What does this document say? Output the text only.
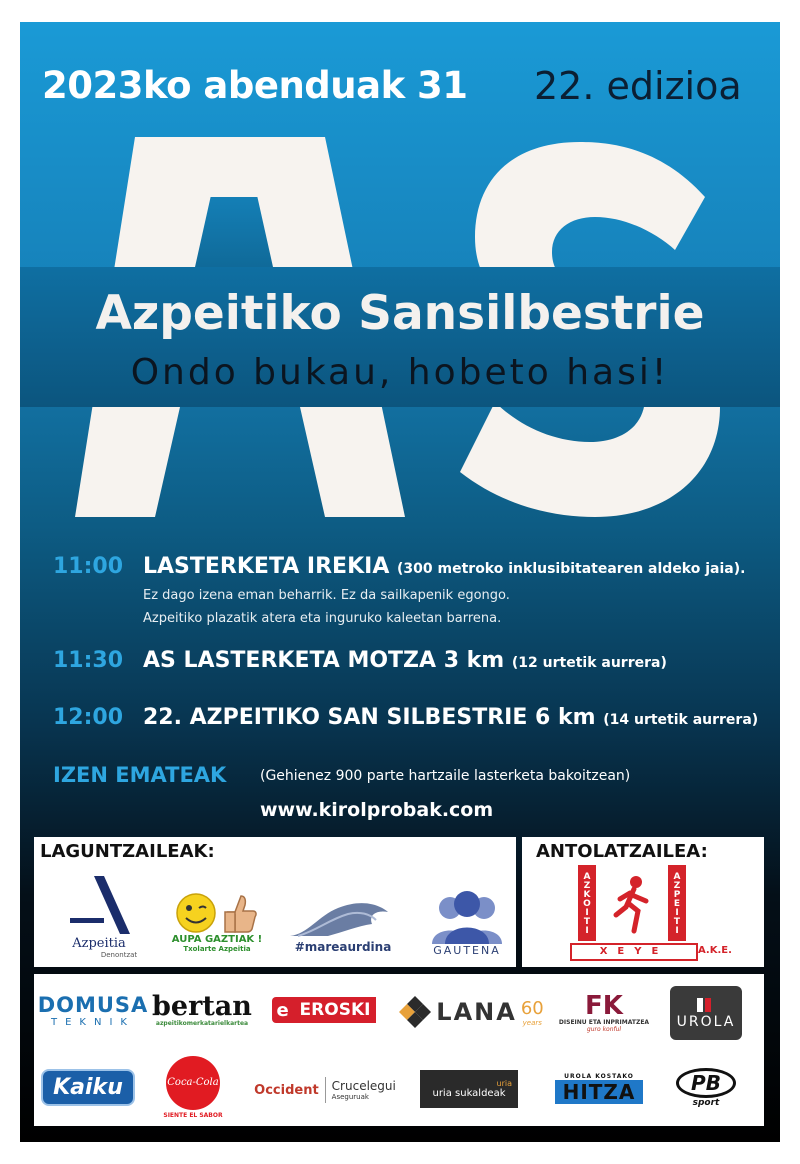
2023ko abenduak 31 22. edizioa
Azpeitiko Sansilbestrie
Ondo bukau, hobeto hasi!
11:00 LASTERKETA IREKIA (300 metroko inklusibitatearen aldeko jaia).
Ez dago izena eman beharrik. Ez da sailkapenik egongo.
Azpeitiko plazatik atera eta inguruko kaleetan barrena.
11:30 AS LASTERKETA MOTZA 3 km (12 urtetik aurrera)
12:00 22. AZPEITIKO SAN SILBESTRIE 6 km (14 urtetik aurrera)
IZEN EMATEAK (Gehienez 900 parte hartzaile lasterketa bakoitzean)
www.kirolprobak.com
LAGUNTZAILEAK:
Azpeitia
Denontzat
AUPA GAZTIAK !
Txolarte Azpeitia	#mareaurdina	GAUTENA
ANTOLATZAILEA:
AZKOITI	AZPEITI
XEYE	A.K.E.
DOMUSA
TEKNIK bertan
azpeitikomerkatarielkartea
e EROSKI	LANA 60
years
FK
DISEINU ETA INPRIMATZEA
guro konful	UROLA
Kaiku	Coca-Cola
SIENTE EL SABOR
Occident Crucelegui
Aseguruak
uria
uria sukaldeak
UROLA KOSTAKO
HITZA	PB
sport
